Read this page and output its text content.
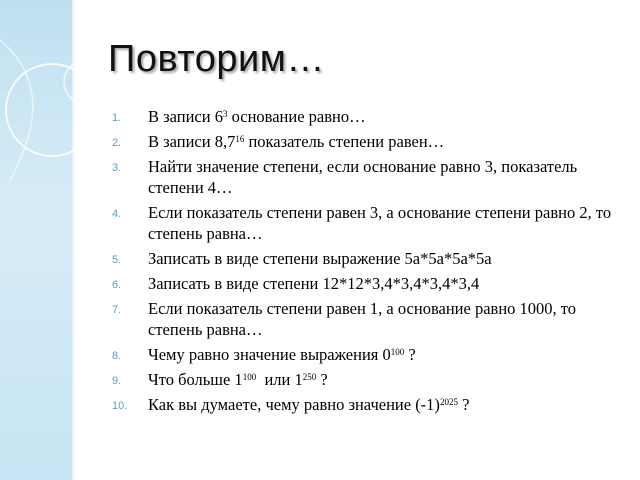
Повторим…
1. В записи $6^3$ основание равно…
2. В записи $8,7^{16}$ показатель степени равен…
3. Найти значение степени, если основание равно 3, показатель степени 4…
4. Если показатель степени равен 3, а основание степени равно 2, то степень равна…
5. Записать в виде степени выражение 5а*5а*5а*5а
6. Записать в виде степени 12*12*3,4*3,4*3,4*3,4
7. Если показатель степени равен 1, а основание равно 1000, то степень равна…
8. Чему равно значение выражения $0^{100}$ ?
9. Что больше $1^{100}$  или $1^{250}$ ?
10. Как вы думаете, чему равно значение $(-1)^{2025}$ ?
